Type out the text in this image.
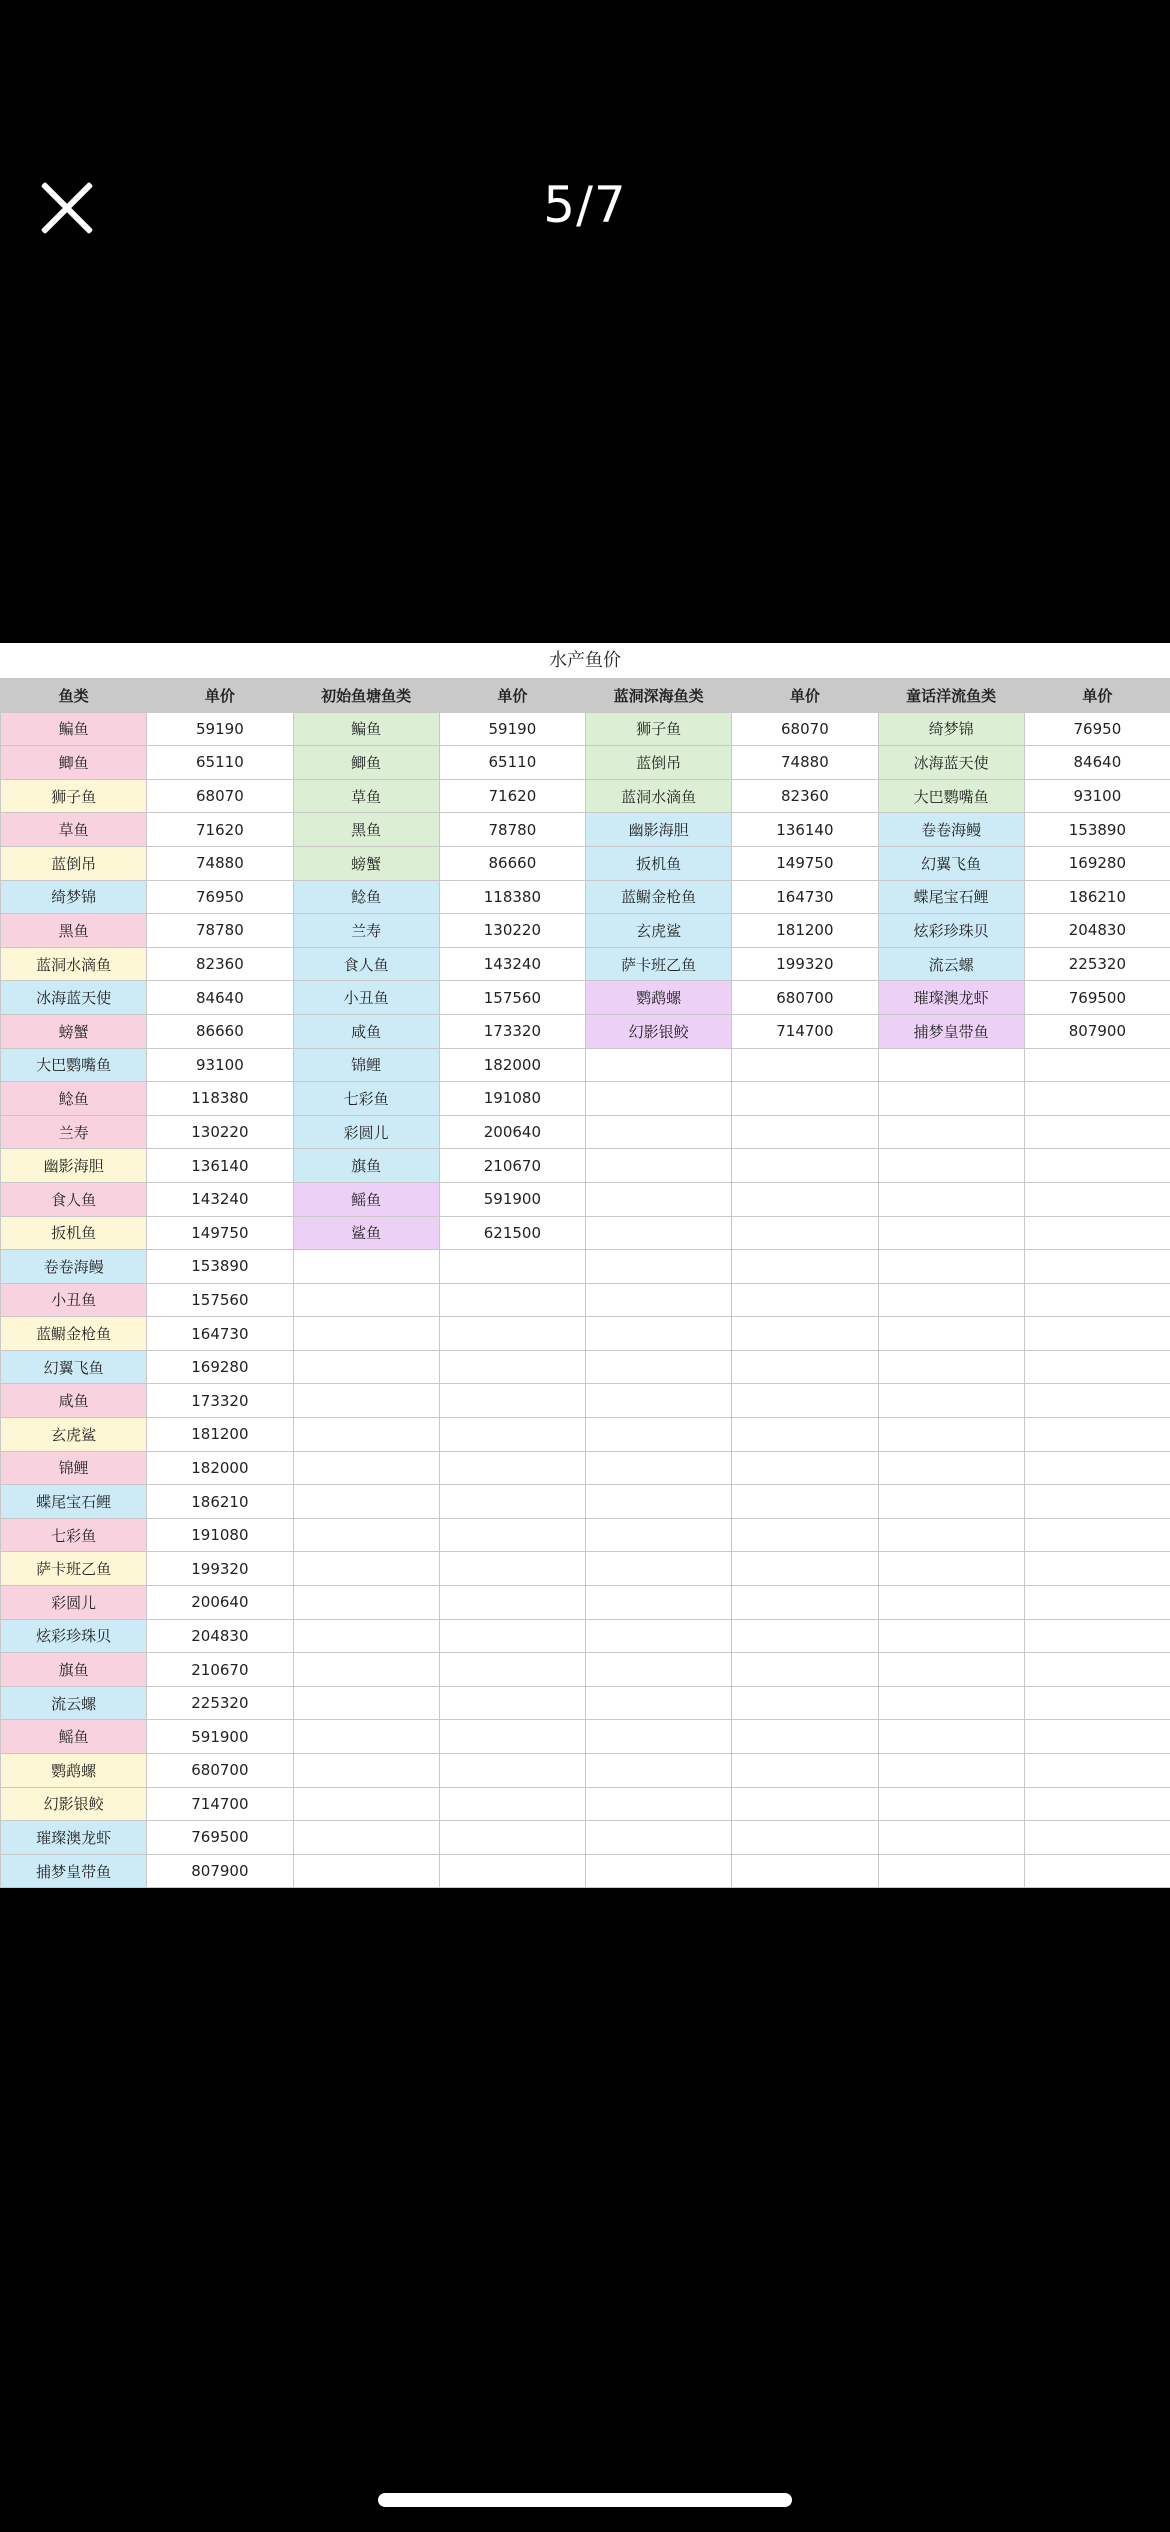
5/7
水产鱼价
鱼类	单价	初始鱼塘鱼类	单价	蓝洞深海鱼类	单价	童话洋流鱼类	单价
鳊鱼	59190	鳊鱼	59190	狮子鱼	68070	绮梦锦	76950
鲫鱼	65110	鲫鱼	65110	蓝倒吊	74880	冰海蓝天使	84640
狮子鱼	68070	草鱼	71620	蓝洞水滴鱼	82360	大巴鹦嘴鱼	93100
草鱼	71620	黑鱼	78780	幽影海胆	136140	卷卷海鳗	153890
蓝倒吊	74880	螃蟹	86660	扳机鱼	149750	幻翼飞鱼	169280
绮梦锦	76950	鲶鱼	118380	蓝鳚金枪鱼	164730	蝶尾宝石鲤	186210
黑鱼	78780	兰寿	130220	玄虎鲨	181200	炫彩珍珠贝	204830
蓝洞水滴鱼	82360	食人鱼	143240	萨卡班乙鱼	199320	流云螺	225320
冰海蓝天使	84640	小丑鱼	157560	鹦鹉螺	680700	璀璨澳龙虾	769500
螃蟹	86660	咸鱼	173320	幻影银鲛	714700	捕梦皇带鱼	807900
大巴鹦嘴鱼	93100	锦鲤	182000				
鲶鱼	118380	七彩鱼	191080				
兰寿	130220	彩圆儿	200640				
幽影海胆	136140	旗鱼	210670				
食人鱼	143240	鳐鱼	591900				
扳机鱼	149750	鲨鱼	621500				
卷卷海鳗	153890						
小丑鱼	157560						
蓝鳚金枪鱼	164730						
幻翼飞鱼	169280						
咸鱼	173320						
玄虎鲨	181200						
锦鲤	182000						
蝶尾宝石鲤	186210						
七彩鱼	191080						
萨卡班乙鱼	199320						
彩圆儿	200640						
炫彩珍珠贝	204830						
旗鱼	210670						
流云螺	225320						
鳐鱼	591900						
鹦鹉螺	680700						
幻影银鲛	714700						
璀璨澳龙虾	769500						
捕梦皇带鱼	807900						
